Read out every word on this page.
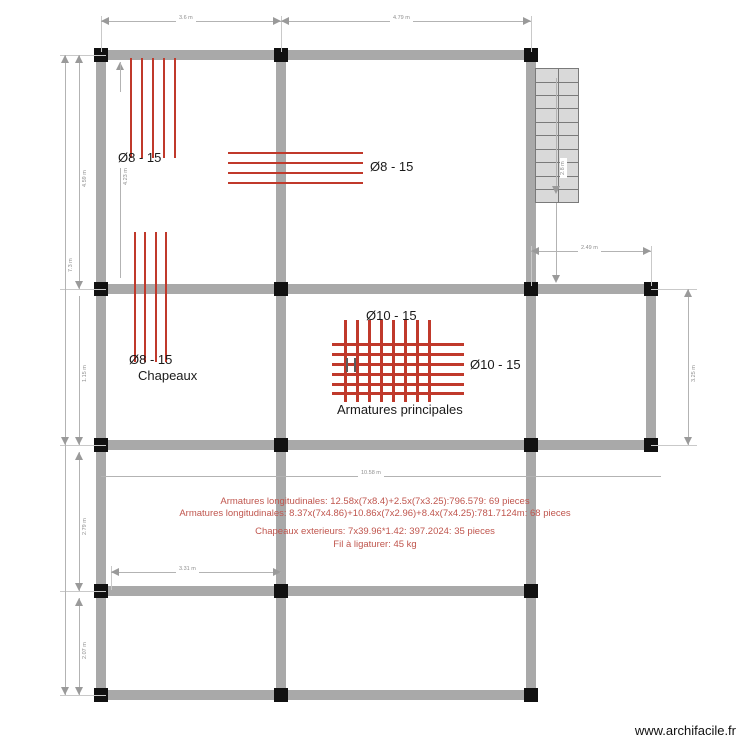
2.8 m
Ø8 - 15
Ø8 - 15
Ø8 - 15
Chapeaux
Ø10 - 15
Ø10 - 15
Armatures principales
3.6 m	4.79 m
7.3 m
4.59 m	4.23 m
1.15 m
2.79 m
2.07 m
2.49 m
3.25 m
10.58 m
3.31 m
Armatures longitudinales: 12.58x(7x8.4)+2.5x(7x3.25):796.579: 69 pieces
Armatures longitudinales: 8.37x(7x4.86)+10.86x(7x2.96)+8.4x(7x4.25):781.7124m: 68 pieces
Chapeaux exterieurs: 7x39.96*1.42: 397.2024: 35 pieces
Fil à ligaturer: 45 kg
www.archifacile.fr
